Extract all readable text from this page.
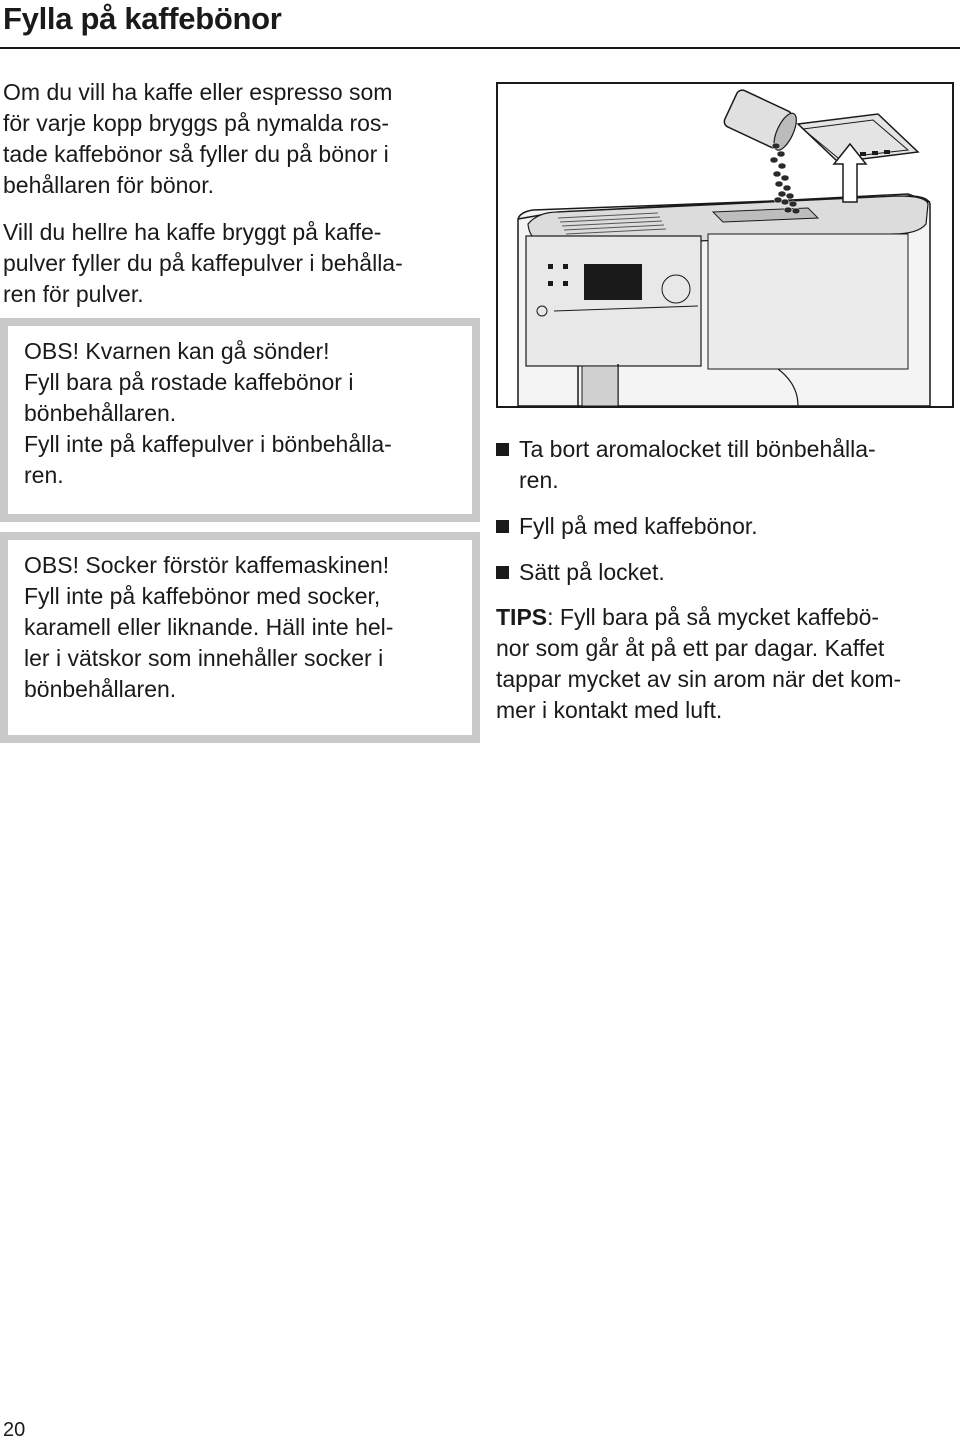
Fylla på kaffebönor
Om du vill ha kaffe eller espresso som
för varje kopp bryggs på nymalda ros-
tade kaffebönor så fyller du på bönor i
behållaren för bönor.
Vill du hellre ha kaffe bryggt på kaffe-
pulver fyller du på kaffepulver i behålla-
ren för pulver.
OBS! Kvarnen kan gå sönder!
Fyll bara på rostade kaffebönor i
bönbehållaren.
Fyll inte på kaffepulver i bönbehålla-
ren.
OBS! Socker förstör kaffemaskinen!
Fyll inte på kaffebönor med socker,
karamell eller liknande. Häll inte hel-
ler i vätskor som innehåller socker i
bönbehållaren.
Ta bort aromalocket till bönbehålla-
ren.
Fyll på med kaffebönor.
Sätt på locket.
TIPS: Fyll bara på så mycket kaffebö-
nor som går åt på ett par dagar. Kaffet
tappar mycket av sin arom när det kom-
mer i kontakt med luft.
20
